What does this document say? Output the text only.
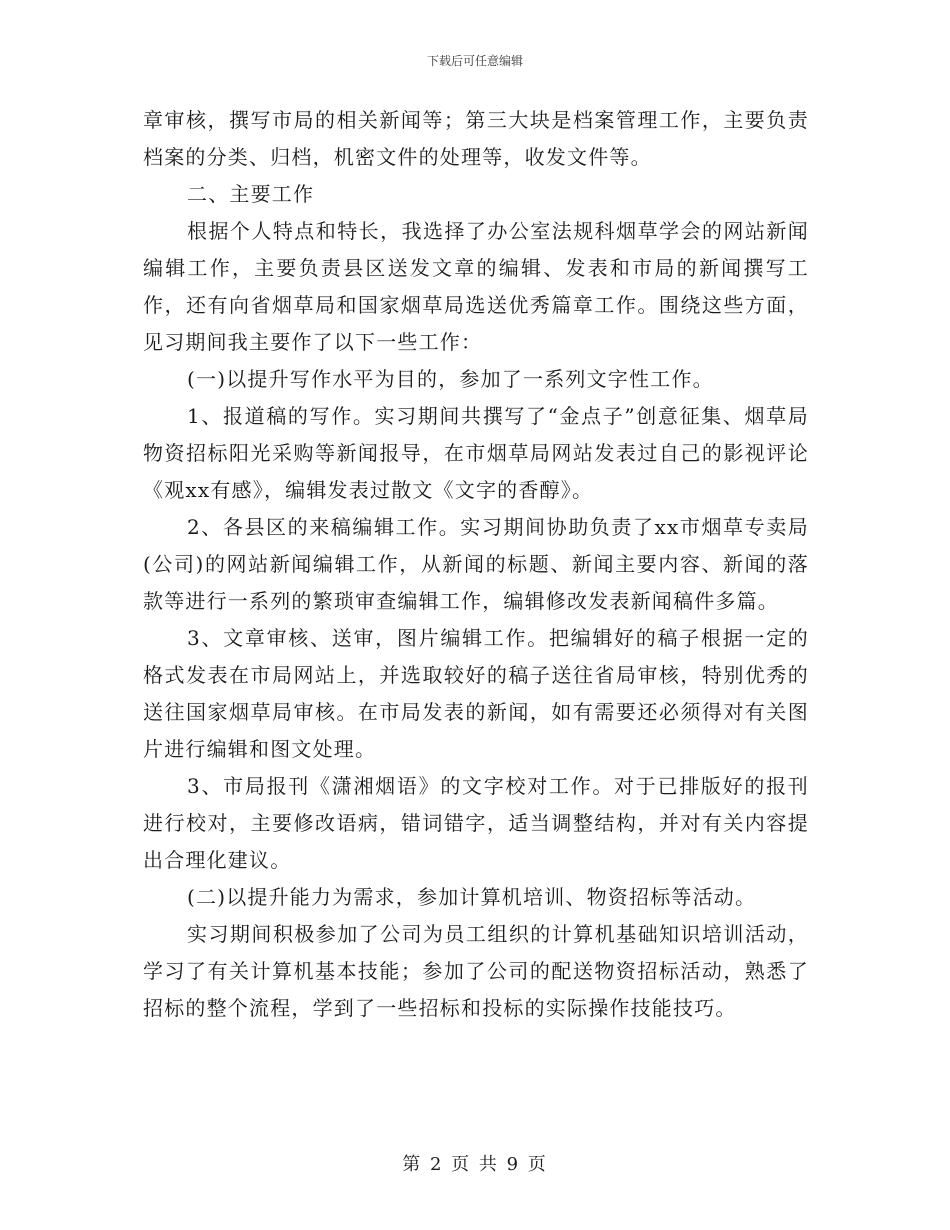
下载后可任意编辑

章审核，撰写市局的相关新闻等；第三大块是档案管理工作，主要负责档案的分类、归档，机密文件的处理等，收发文件等。

二、主要工作

根据个人特点和特长，我选择了办公室法规科烟草学会的网站新闻编辑工作，主要负责县区送发文章的编辑、发表和市局的新闻撰写工作，还有向省烟草局和国家烟草局选送优秀篇章工作。围绕这些方面，见习期间我主要作了以下一些工作：

(一)以提升写作水平为目的，参加了一系列文字性工作。

1、报道稿的写作。实习期间共撰写了“金点子”创意征集、烟草局物资招标阳光采购等新闻报导，在市烟草局网站发表过自己的影视评论《观xx有感》，编辑发表过散文《文字的香醇》。

2、各县区的来稿编辑工作。实习期间协助负责了xx市烟草专卖局(公司)的网站新闻编辑工作，从新闻的标题、新闻主要内容、新闻的落款等进行一系列的繁琐审查编辑工作，编辑修改发表新闻稿件多篇。

3、文章审核、送审，图片编辑工作。把编辑好的稿子根据一定的格式发表在市局网站上，并选取较好的稿子送往省局审核，特别优秀的送往国家烟草局审核。在市局发表的新闻，如有需要还必须得对有关图片进行编辑和图文处理。

3、市局报刊《潇湘烟语》的文字校对工作。对于已排版好的报刊进行校对，主要修改语病，错词错字，适当调整结构，并对有关内容提出合理化建议。

(二)以提升能力为需求，参加计算机培训、物资招标等活动。

实习期间积极参加了公司为员工组织的计算机基础知识培训活动，学习了有关计算机基本技能；参加了公司的配送物资招标活动，熟悉了招标的整个流程，学到了一些招标和投标的实际操作技能技巧。

第 2 页 共 9 页
